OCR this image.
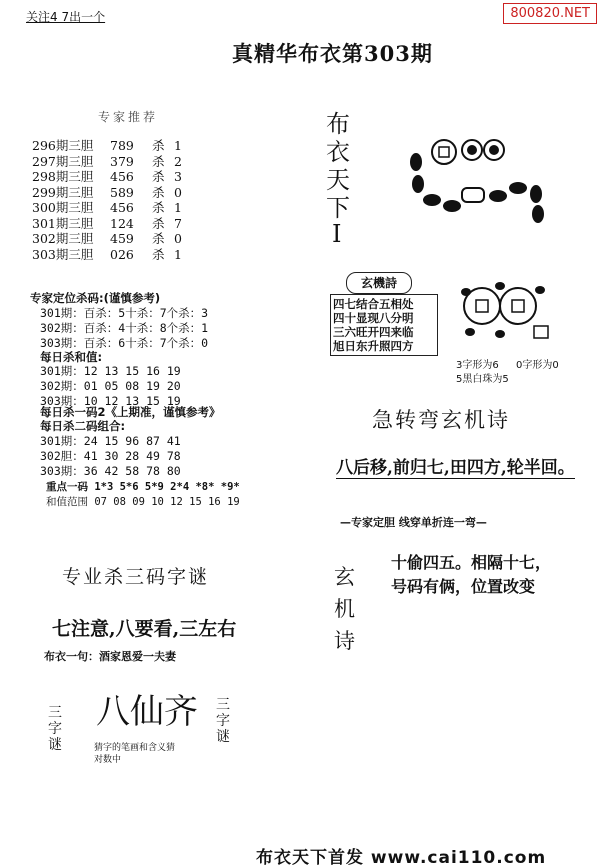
800820.NET
关注4 7出一个
真精华布衣第303期
专家推荐
296期三胆 789 杀 1
297期三胆 379 杀 2
298期三胆 456 杀 3
299期三胆 589 杀 0
300期三胆 456 杀 1
301期三胆 124 杀 7
302期三胆 459 杀 0
303期三胆 026 杀 1
专家定位杀码:(谨慎参考)
301期：百杀：5十杀：7个杀：3
302期：百杀：4十杀：8个杀：1
303期：百杀：6十杀：7个杀：0
每日杀和值:
301期：12 13 15 16 19
302期：01 05 08 19 20
303期：10 12 13 15 19
每日杀一码2《上期准，谨慎参考》
每日杀二码组合:
301期：24 15 96 87 41
302胆：41 30 28 49 78
303期：36 42 58 78 80
重点一码 1*3 5*6 5*9 2*4 *8* *9*
和值范围 07 08 09 10 12 15 16 19
布
衣
天
下
I
玄機詩
四七结合五相处
四十显现八分明
三六旺开四来临
旭日东升照四方
3字形为6 0字形为0
5黑白珠为5
急转弯玄机诗
八后移,前归七,田四方,轮半回。
—专家定胆 线穿单折连一弯—
玄
机
诗
十偷四五。相隔十七，
号码有俩，位置改变
专业杀三码字谜
七注意,八要看,三左右
布衣一句：酒家恩爱一夫妻
三
字
谜
八仙齐 三
字
谜
猜字的笔画和含义猜
对数中
布衣天下首发 www.cai110.com
